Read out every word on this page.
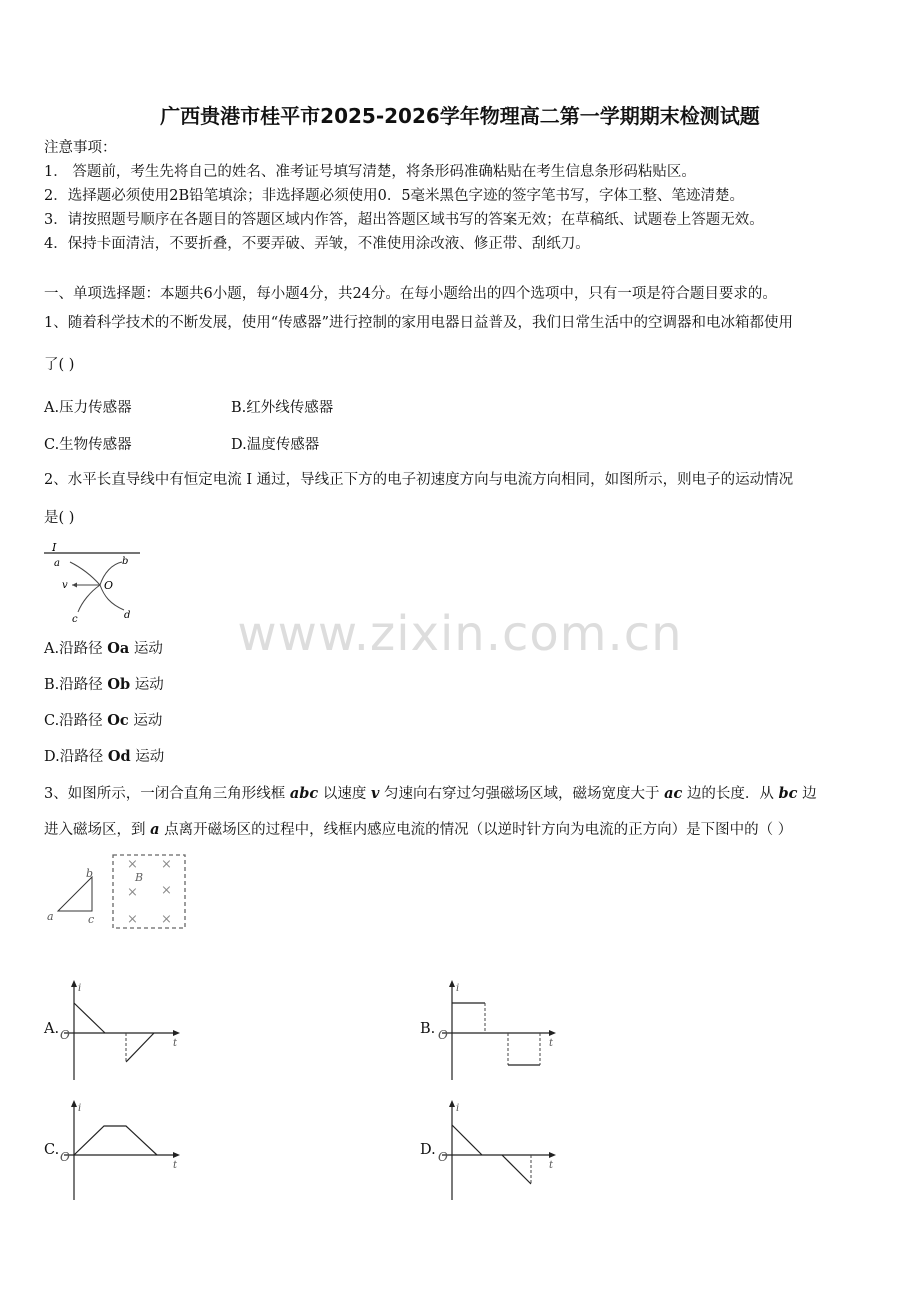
广西贵港市桂平市2025-2026学年物理高二第一学期期末检测试题
注意事项：
1． 答题前，考生先将自己的姓名、准考证号填写清楚，将条形码准确粘贴在考生信息条形码粘贴区。
2．选择题必须使用2B铅笔填涂；非选择题必须使用0．5毫米黑色字迹的签字笔书写，字体工整、笔迹清楚。
3．请按照题号顺序在各题目的答题区域内作答，超出答题区域书写的答案无效；在草稿纸、试题卷上答题无效。
4．保持卡面清洁，不要折叠，不要弄破、弄皱，不准使用涂改液、修正带、刮纸刀。
一、单项选择题：本题共6小题，每小题4分，共24分。在每小题给出的四个选项中，只有一项是符合题目要求的。
1、随着科学技术的不断发展，使用“传感器”进行控制的家用电器日益普及，我们日常生活中的空调器和电冰箱都使用
了( )
A.压力传感器	B.红外线传感器
C.生物传感器	D.温度传感器
2、水平长直导线中有恒定电流 I 通过，导线正下方的电子初速度方向与电流方向相同，如图所示，则电子的运动情况
是( )
I
a	b
v	O
c	d
A.沿路径 Oa 运动
B.沿路径 Ob 运动
C.沿路径 Oc 运动
D.沿路径 Od 运动
3、如图所示，一闭合直角三角形线框 abc 以速度 v 匀速向右穿过匀强磁场区域，磁场宽度大于 ac 边的长度．从 bc 边
进入磁场区，到 a 点离开磁场区的过程中，线框内感应电流的情况（以逆时针方向为电流的正方向）是下图中的（ ）
a
b
c
B
× ×
×
×
× ×
A.
i
t
O	B.
i
t
O
C.
i
t
O	D.
i
t
O
www.zixin.com.cn
